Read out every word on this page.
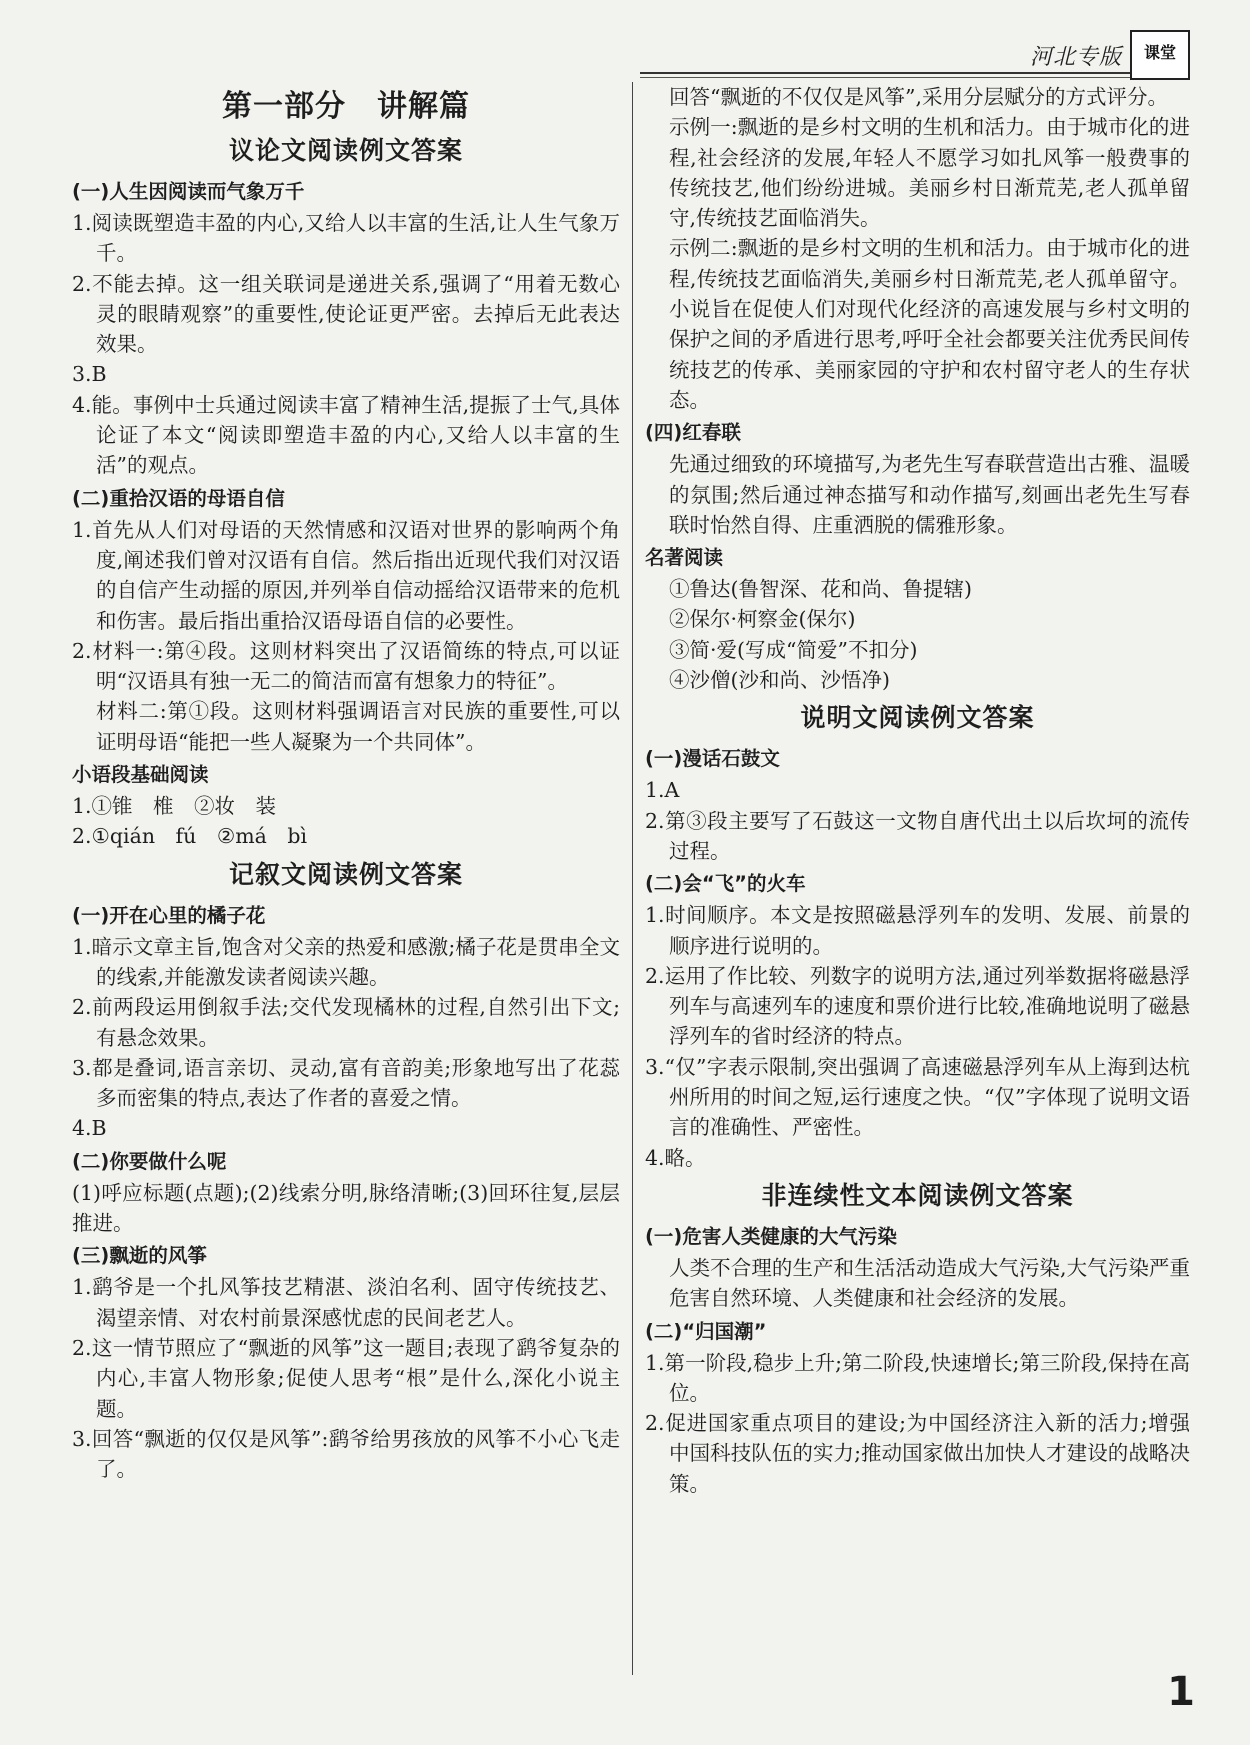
河北专版	课堂
第一部分　讲解篇
议论文阅读例文答案
(一)人生因阅读而气象万千

1.阅读既塑造丰盈的内心,又给人以丰富的生活,让人生气象万千。

2.不能去掉。这一组关联词是递进关系,强调了“用着无数心灵的眼睛观察”的重要性,使论证更严密。去掉后无此表达效果。

3.B

4.能。事例中士兵通过阅读丰富了精神生活,提振了士气,具体论证了本文“阅读即塑造丰盈的内心,又给人以丰富的生活”的观点。

(二)重拾汉语的母语自信

1.首先从人们对母语的天然情感和汉语对世界的影响两个角度,阐述我们曾对汉语有自信。然后指出近现代我们对汉语的自信产生动摇的原因,并列举自信动摇给汉语带来的危机和伤害。最后指出重拾汉语母语自信的必要性。

2.材料一:第④段。这则材料突出了汉语简练的特点,可以证明“汉语具有独一无二的简洁而富有想象力的特征”。

材料二:第①段。这则材料强调语言对民族的重要性,可以证明母语“能把一些人凝聚为一个共同体”。

小语段基础阅读

1.①锥　椎　②妆　装

2.①qián　fú　②má　bì

记叙文阅读例文答案
(一)开在心里的橘子花

1.暗示文章主旨,饱含对父亲的热爱和感激;橘子花是贯串全文的线索,并能激发读者阅读兴趣。

2.前两段运用倒叙手法;交代发现橘林的过程,自然引出下文;有悬念效果。

3.都是叠词,语言亲切、灵动,富有音韵美;形象地写出了花蕊多而密集的特点,表达了作者的喜爱之情。

4.B

(二)你要做什么呢

(1)呼应标题(点题);(2)线索分明,脉络清晰;(3)回环往复,层层推进。

(三)飘逝的风筝

1.鹞爷是一个扎风筝技艺精湛、淡泊名利、固守传统技艺、渴望亲情、对农村前景深感忧虑的民间老艺人。

2.这一情节照应了“飘逝的风筝”这一题目;表现了鹞爷复杂的内心,丰富人物形象;促使人思考“根”是什么,深化小说主题。

3.回答“飘逝的仅仅是风筝”:鹞爷给男孩放的风筝不小心飞走了。

回答“飘逝的不仅仅是风筝”,采用分层赋分的方式评分。

示例一:飘逝的是乡村文明的生机和活力。由于城市化的进程,社会经济的发展,年轻人不愿学习如扎风筝一般费事的传统技艺,他们纷纷进城。美丽乡村日渐荒芜,老人孤单留守,传统技艺面临消失。

示例二:飘逝的是乡村文明的生机和活力。由于城市化的进程,传统技艺面临消失,美丽乡村日渐荒芜,老人孤单留守。小说旨在促使人们对现代化经济的高速发展与乡村文明的保护之间的矛盾进行思考,呼吁全社会都要关注优秀民间传统技艺的传承、美丽家园的守护和农村留守老人的生存状态。

(四)红春联

先通过细致的环境描写,为老先生写春联营造出古雅、温暖的氛围;然后通过神态描写和动作描写,刻画出老先生写春联时怡然自得、庄重洒脱的儒雅形象。

名著阅读

①鲁达(鲁智深、花和尚、鲁提辖)

②保尔·柯察金(保尔)

③简·爱(写成“简爱”不扣分)

④沙僧(沙和尚、沙悟净)

说明文阅读例文答案
(一)漫话石鼓文

1.A

2.第③段主要写了石鼓这一文物自唐代出土以后坎坷的流传过程。

(二)会“飞”的火车

1.时间顺序。本文是按照磁悬浮列车的发明、发展、前景的顺序进行说明的。

2.运用了作比较、列数字的说明方法,通过列举数据将磁悬浮列车与高速列车的速度和票价进行比较,准确地说明了磁悬浮列车的省时经济的特点。

3.“仅”字表示限制,突出强调了高速磁悬浮列车从上海到达杭州所用的时间之短,运行速度之快。“仅”字体现了说明文语言的准确性、严密性。

4.略。

非连续性文本阅读例文答案
(一)危害人类健康的大气污染

人类不合理的生产和生活活动造成大气污染,大气污染严重危害自然环境、人类健康和社会经济的发展。

(二)“归国潮”

1.第一阶段,稳步上升;第二阶段,快速增长;第三阶段,保持在高位。

2.促进国家重点项目的建设;为中国经济注入新的活力;增强中国科技队伍的实力;推动国家做出加快人才建设的战略决策。

1
